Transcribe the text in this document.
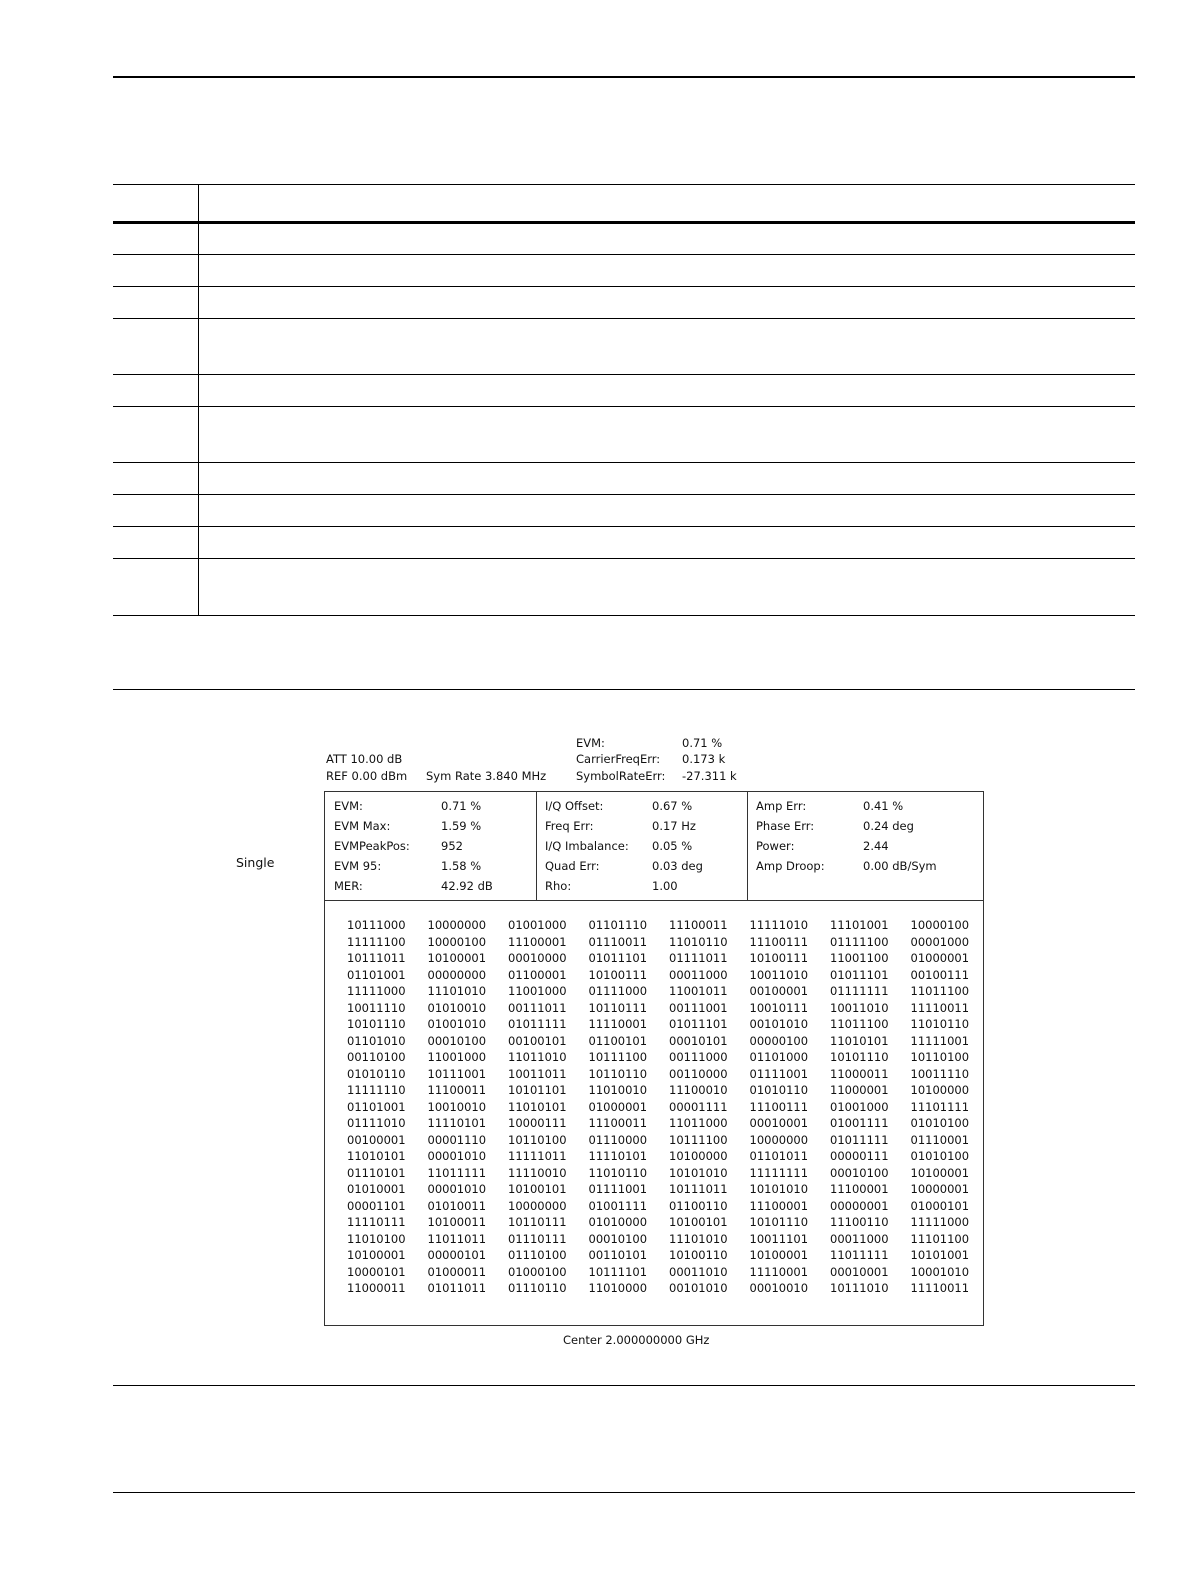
Single
ATT 10.00 dB
REF 0.00 dBm Sym Rate 3.840 MHz
EVM:	0.71 %
CarrierFreqErr: 0.173 k
SymbolRateErr: -27.311 k
EVM:	0.71 %
EVM Max:	1.59 %
EVMPeakPos:	952
EVM 95:	1.58 %
MER:	42.92 dB
I/Q Offset:	0.67 %
Freq Err:	0.17 Hz
I/Q Imbalance: 0.05 %
Quad Err:	0.03 deg
Rho:	1.00
Amp Err:	0.41 %
Phase Err:	0.24 deg
Power:	2.44
Amp Droop:	0.00 dB/Sym
10111000	10000000	01001000	01101110	11100011	11111010	11101001	10000100
11111100	10000100	11100001	01110011	11010110	11100111	01111100	00001000
10111011	10100001	00010000	01011101	01111011	10100111	11001100	01000001
01101001	00000000	01100001	10100111	00011000	10011010	01011101	00100111
11111000	11101010	11001000	01111000	11001011	00100001	01111111	11011100
10011110	01010010	00111011	10110111	00111001	10010111	10011010	11110011
10101110	01001010	01011111	11110001	01011101	00101010	11011100	11010110
01101010	00010100	00100101	01100101	00010101	00000100	11010101	11111001
00110100	11001000	11011010	10111100	00111000	01101000	10101110	10110100
01010110	10111001	10011011	10110110	00110000	01111001	11000011	10011110
11111110	11100011	10101101	11010010	11100010	01010110	11000001	10100000
01101001	10010010	11010101	01000001	00001111	11100111	01001000	11101111
01111010	11110101	10000111	11100011	11011000	00010001	01001111	01010100
00100001	00001110	10110100	01110000	10111100	10000000	01011111	01110001
11010101	00001010	11111011	11110101	10100000	01101011	00000111	01010100
01110101	11011111	11110010	11010110	10101010	11111111	00010100	10100001
01010001	00001010	10100101	01111001	10111011	10101010	11100001	10000001
00001101	01010011	10000000	01001111	01100110	11100001	00000001	01000101
11110111	10100011	10110111	01010000	10100101	10101110	11100110	11111000
11010100	11011011	01110111	00010100	11101010	10011101	00011000	11101100
10100001	00000101	01110100	00110101	10100110	10100001	11011111	10101001
10000101	01000011	01000100	10111101	00011010	11110001	00010001	10001010
11000011	01011011	01110110	11010000	00101010	00010010	10111010	11110011
Center 2.000000000 GHz
